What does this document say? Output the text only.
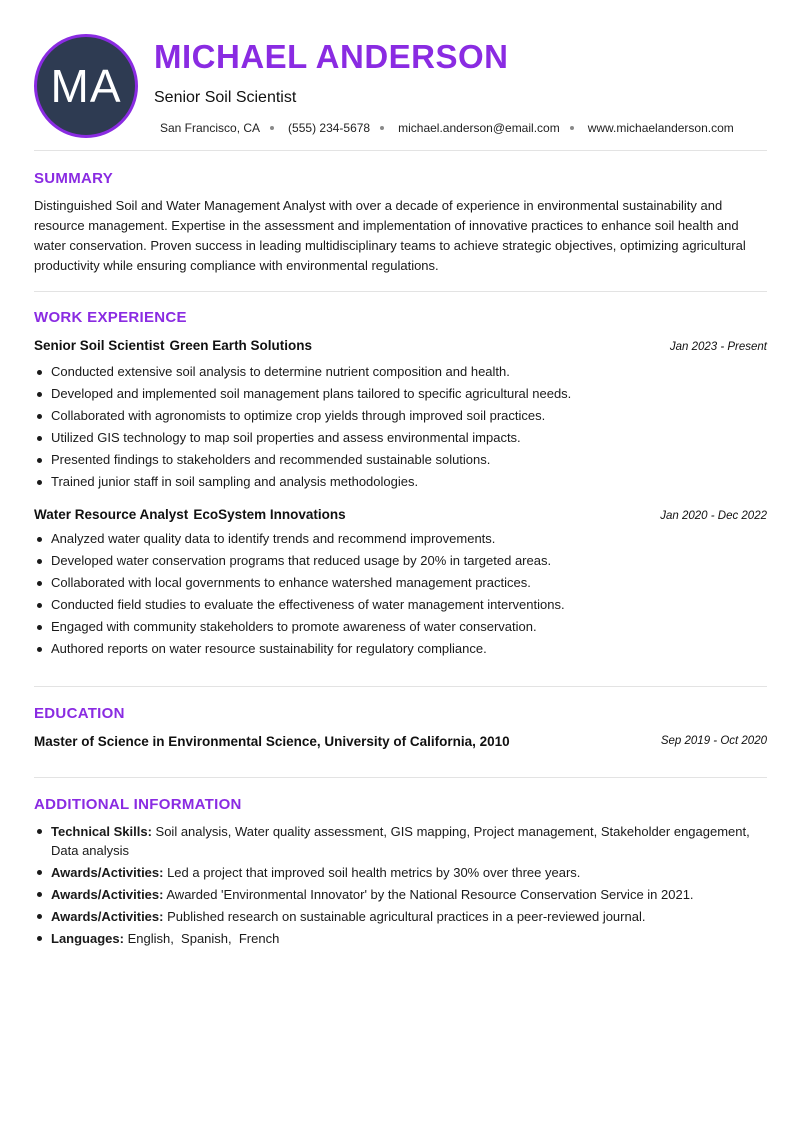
MA
MICHAEL ANDERSON
Senior Soil Scientist
San Francisco, CA (555) 234-5678 michael.anderson@email.com www.michaelanderson.com
SUMMARY
Distinguished Soil and Water Management Analyst with over a decade of experience in environmental sustainability and resource management. Expertise in the assessment and implementation of innovative practices to enhance soil health and water conservation. Proven success in leading multidisciplinary teams to achieve strategic objectives, optimizing agricultural productivity while ensuring compliance with environmental regulations.
WORK EXPERIENCE
Senior Soil Scientist Green Earth Solutions	Jan 2023 - Present
Conducted extensive soil analysis to determine nutrient composition and health.
Developed and implemented soil management plans tailored to specific agricultural needs.
Collaborated with agronomists to optimize crop yields through improved soil practices.
Utilized GIS technology to map soil properties and assess environmental impacts.
Presented findings to stakeholders and recommended sustainable solutions.
Trained junior staff in soil sampling and analysis methodologies.
Water Resource Analyst EcoSystem Innovations	Jan 2020 - Dec 2022
Analyzed water quality data to identify trends and recommend improvements.
Developed water conservation programs that reduced usage by 20% in targeted areas.
Collaborated with local governments to enhance watershed management practices.
Conducted field studies to evaluate the effectiveness of water management interventions.
Engaged with community stakeholders to promote awareness of water conservation.
Authored reports on water resource sustainability for regulatory compliance.
EDUCATION
Master of Science in Environmental Science, University of California, 2010	Sep 2019 - Oct 2020
ADDITIONAL INFORMATION
Technical Skills: Soil analysis, Water quality assessment, GIS mapping, Project management, Stakeholder engagement, Data analysis
Awards/Activities: Led a project that improved soil health metrics by 30% over three years.
Awards/Activities: Awarded 'Environmental Innovator' by the National Resource Conservation Service in 2021.
Awards/Activities: Published research on sustainable agricultural practices in a peer-reviewed journal.
Languages: English,  Spanish,  French
